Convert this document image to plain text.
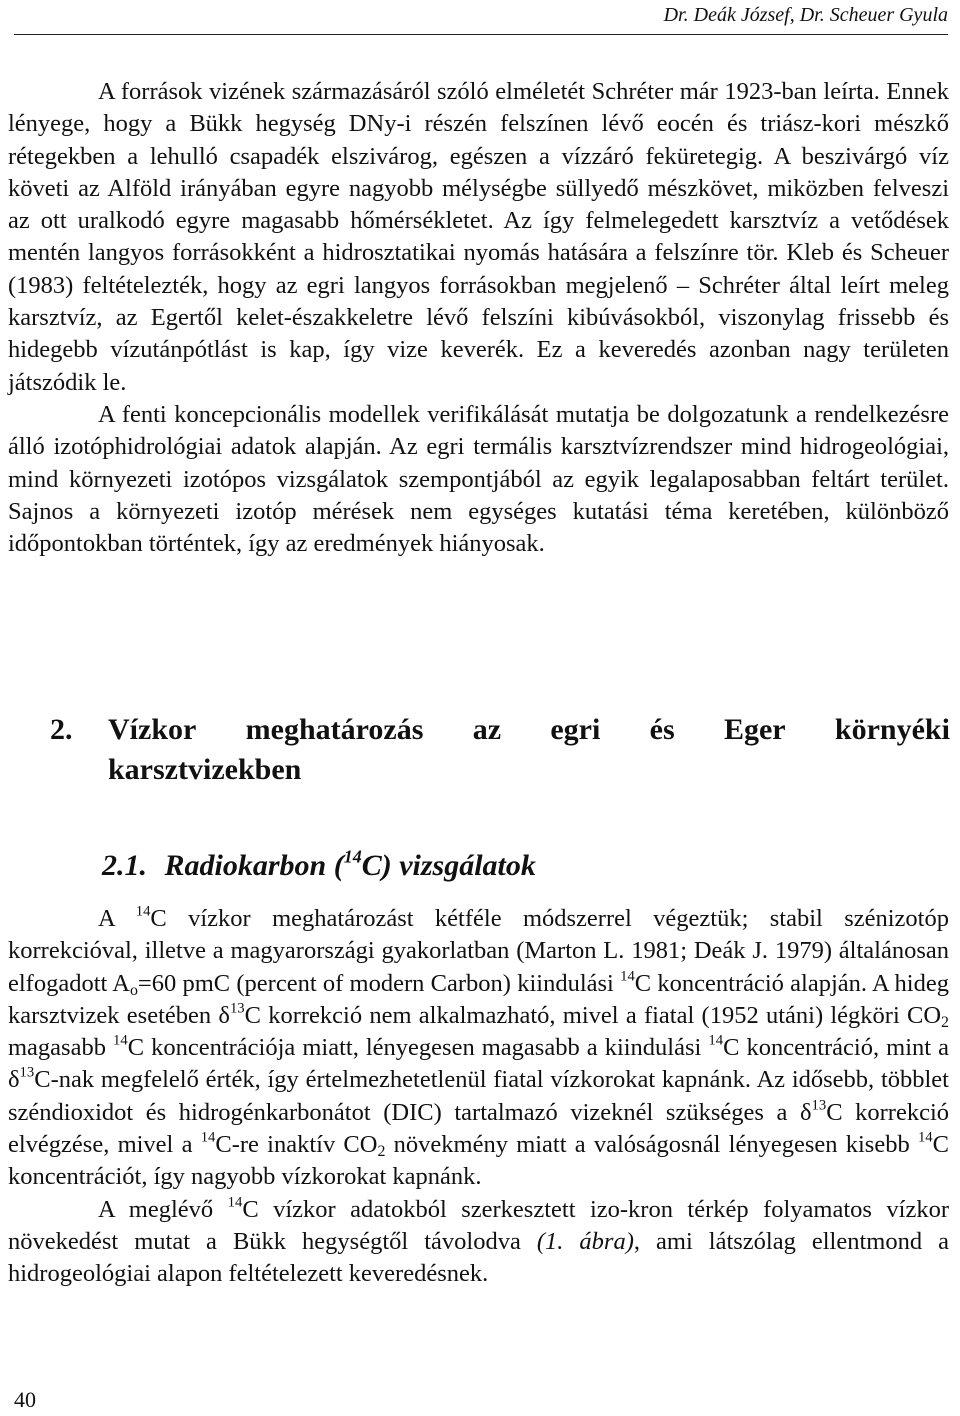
Dr. Deák József, Dr. Scheuer Gyula

A források vizének származásáról szóló elméletét Schréter már 1923-ban leírta. Ennek lényege, hogy a Bükk hegység DNy-i részén felszínen lévő eocén és triász-kori mészkő rétegekben a lehulló csapadék elszivárog, egészen a vízzáró feküretegig. A beszivárgó víz követi az Alföld irányában egyre nagyobb mélységbe süllyedő mészkövet, miközben felveszi az ott uralkodó egyre magasabb hőmérsékletet. Az így felmelegedett karsztvíz a vetődések mentén langyos forrásokként a hidrosztatikai nyomás hatására a felszínre tör. Kleb és Scheuer (1983) feltételezték, hogy az egri langyos forrásokban megjelenő – Schréter által leírt meleg karsztvíz, az Egertől kelet-északkeletre lévő felszíni kibúvásokból, viszonylag frissebb és hidegebb vízutánpótlást is kap, így vize keverék. Ez a keveredés azonban nagy területen játszódik le.

A fenti koncepcionális modellek verifikálását mutatja be dolgozatunk a rendelkezésre álló izotóphidrológiai adatok alapján. Az egri termális karsztvízrendszer mind hidrogeológiai, mind környezeti izotópos vizsgálatok szempontjából az egyik legalaposabban feltárt terület. Sajnos a környezeti izotóp mérések nem egységes kutatási téma keretében, különböző időpontokban történtek, így az eredmények hiányosak.

2. Vízkor meghatározás az egri és Eger környéki
karsztvizekben
2.1. Radiokarbon ($^{14}$C) vizsgálatok

A $^{14}$C vízkor meghatározást kétféle módszerrel végeztük; stabil szénizotóp korrekcióval, illetve a magyarországi gyakorlatban (Marton L. 1981; Deák J. 1979) általánosan elfogadott $A_o=60$ pmC (percent of modern Carbon) kiindulási $^{14}$C koncentráció alapján. A hideg karsztvizek esetében $\delta^{13}C$ korrekció nem alkalmazható, mivel a fiatal (1952 utáni) légköri $CO_2$ magasabb $^{14}$C koncentrációja miatt, lényegesen magasabb a kiindulási $^{14}$C koncentráció, mint a $\delta^{13}C$-nak megfelelő érték, így értelmezhetetlenül fiatal vízkorokat kapnánk. Az idősebb, többlet széndioxidot és hidrogénkarbonátot (DIC) tartalmazó vizeknél szükséges a $\delta^{13}C$ korrekció elvégzése, mivel a $^{14}$C-re inaktív $CO_2$ növekmény miatt a valóságosnál lényegesen kisebb $^{14}$C koncentrációt, így nagyobb vízkorokat kapnánk.

A meglévő $^{14}$C vízkor adatokból szerkesztett izo-kron térkép folyamatos vízkor növekedést mutat a Bükk hegységtől távolodva (1. ábra), ami látszólag ellentmond a hidrogeológiai alapon feltételezett keveredésnek.

40
